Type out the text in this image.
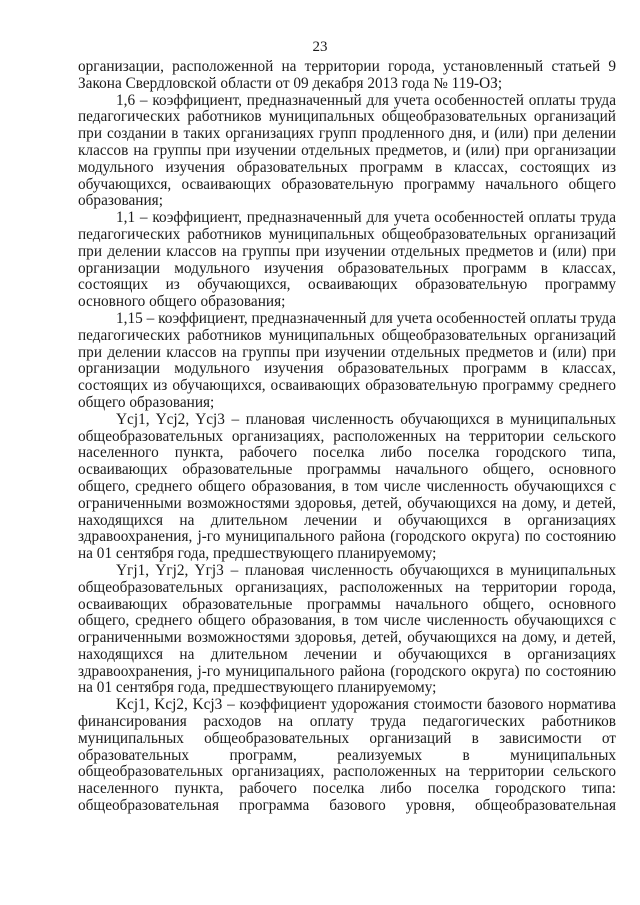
23

организации, расположенной на территории города, установленный статьей 9 Закона Свердловской области от 09 декабря 2013 года № 119-ОЗ;

1,6 – коэффициент, предназначенный для учета особенностей оплаты труда педагогических работников муниципальных общеобразовательных организаций при создании в таких организациях групп продленного дня, и (или) при делении классов на группы при изучении отдельных предметов, и (или) при организации модульного изучения образовательных программ в классах, состоящих из обучающихся, осваивающих образовательную программу начального общего образования;

1,1 – коэффициент, предназначенный для учета особенностей оплаты труда педагогических работников муниципальных общеобразовательных организаций при делении классов на группы при изучении отдельных предметов и (или) при организации модульного изучения образовательных программ в классах, состоящих из обучающихся, осваивающих образовательную программу основного общего образования;

1,15 – коэффициент, предназначенный для учета особенностей оплаты труда педагогических работников муниципальных общеобразовательных организаций при делении классов на группы при изучении отдельных предметов и (или) при организации модульного изучения образовательных программ в классах, состоящих из обучающихся, осваивающих образовательную программу среднего общего образования;

Ycj1, Ycj2, Ycj3 – плановая численность обучающихся в муниципальных общеобразовательных организациях, расположенных на территории сельского населенного пункта, рабочего поселка либо поселка городского типа, осваивающих образовательные программы начального общего, основного общего, среднего общего образования, в том числе численность обучающихся с ограниченными возможностями здоровья, детей, обучающихся на дому, и детей, находящихся на длительном лечении и обучающихся в организациях здравоохранения, j-го муниципального района (городского округа) по состоянию на 01 сентября года, предшествующего планируемому;

Yгj1, Yгj2, Yгj3 – плановая численность обучающихся в муниципальных общеобразовательных организациях, расположенных на территории города, осваивающих образовательные программы начального общего, основного общего, среднего общего образования, в том числе численность обучающихся с ограниченными возможностями здоровья, детей, обучающихся на дому, и детей, находящихся на длительном лечении и обучающихся в организациях здравоохранения, j-го муниципального района (городского округа) по состоянию на 01 сентября года, предшествующего планируемому;

Kcj1, Kcj2, Kcj3 – коэффициент удорожания стоимости базового норматива финансирования расходов на оплату труда педагогических работников муниципальных общеобразовательных организаций в зависимости от образовательных программ, реализуемых в муниципальных общеобразовательных организациях, расположенных на территории сельского населенного пункта, рабочего поселка либо поселка городского типа: общеобразовательная программа базового уровня, общеобразовательная
